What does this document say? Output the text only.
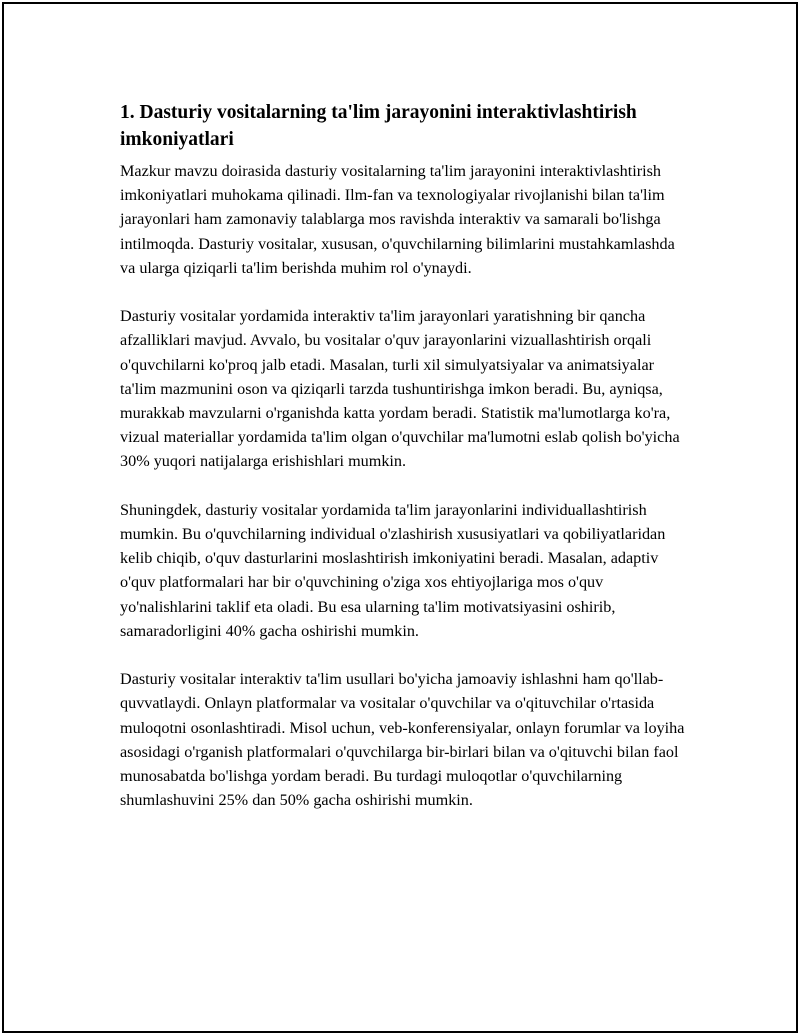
1. Dasturiy vositalarning ta'lim jarayonini interaktivlashtirish imkoniyatlari

Mazkur mavzu doirasida dasturiy vositalarning ta'lim jarayonini interaktivlashtirish imkoniyatlari muhokama qilinadi. Ilm-fan va texnologiyalar rivojlanishi bilan ta'lim jarayonlari ham zamonaviy talablarga mos ravishda interaktiv va samarali bo'lishga intilmoqda. Dasturiy vositalar, xususan, o'quvchilarning bilimlarini mustahkamlashda va ularga qiziqarli ta'lim berishda muhim rol o'ynaydi.

Dasturiy vositalar yordamida interaktiv ta'lim jarayonlari yaratishning bir qancha afzalliklari mavjud. Avvalo, bu vositalar o'quv jarayonlarini vizuallashtirish orqali o'quvchilarni ko'proq jalb etadi. Masalan, turli xil simulyatsiyalar va animatsiyalar ta'lim mazmunini oson va qiziqarli tarzda tushuntirishga imkon beradi. Bu, ayniqsa, murakkab mavzularni o'rganishda katta yordam beradi. Statistik ma'lumotlarga ko'ra, vizual materiallar yordamida ta'lim olgan o'quvchilar ma'lumotni eslab qolish bo'yicha 30% yuqori natijalarga erishishlari mumkin.

Shuningdek, dasturiy vositalar yordamida ta'lim jarayonlarini individuallashtirish mumkin. Bu o'quvchilarning individual o'zlashirish xususiyatlari va qobiliyatlaridan kelib chiqib, o'quv dasturlarini moslashtirish imkoniyatini beradi. Masalan, adaptiv o'quv platformalari har bir o'quvchining o'ziga xos ehtiyojlariga mos o'quv yo'nalishlarini taklif eta oladi. Bu esa ularning ta'lim motivatsiyasini oshirib, samaradorligini 40% gacha oshirishi mumkin.

Dasturiy vositalar interaktiv ta'lim usullari bo'yicha jamoaviy ishlashni ham qo'llab-quvvatlaydi. Onlayn platformalar va vositalar o'quvchilar va o'qituvchilar o'rtasida muloqotni osonlashtiradi. Misol uchun, veb-konferensiyalar, onlayn forumlar va loyiha asosidagi o'rganish platformalari o'quvchilarga bir-birlari bilan va o'qituvchi bilan faol munosabatda bo'lishga yordam beradi. Bu turdagi muloqotlar o'quvchilarning shumlashuvini 25% dan 50% gacha oshirishi mumkin.
